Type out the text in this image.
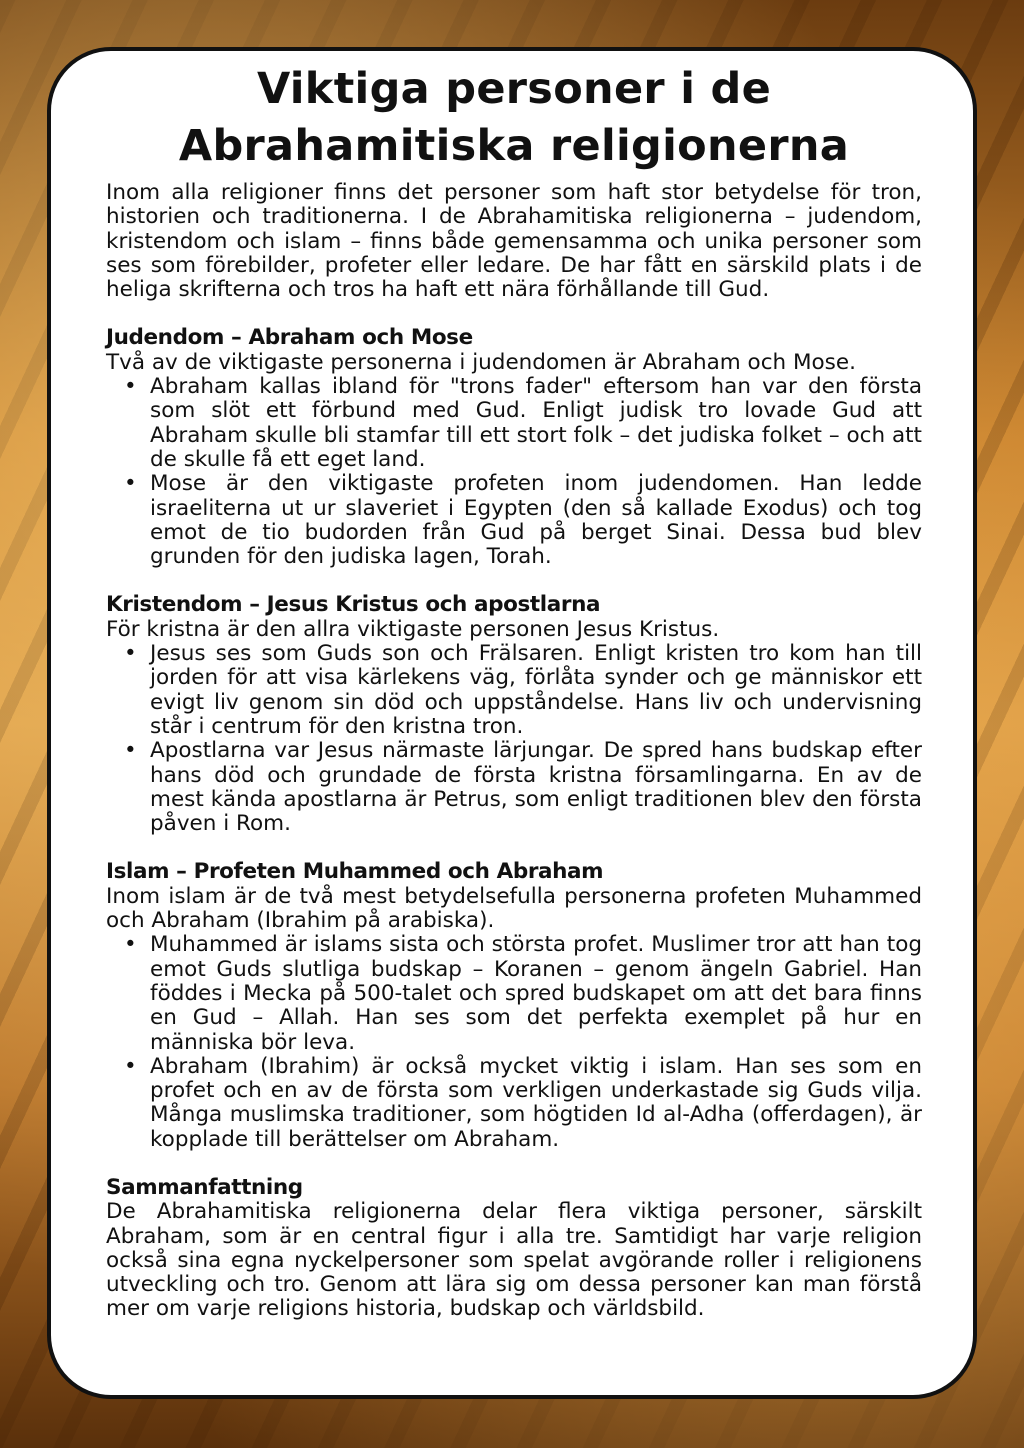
Viktiga personer i de
Abrahamitiska religionerna

Inom alla religioner finns det personer som haft stor betydelse för tron, historien och traditionerna. I de Abrahamitiska religionerna – judendom, kristendom och islam – finns både gemensamma och unika personer som ses som förebilder, profeter eller ledare. De har fått en särskild plats i de heliga skrifterna och tros ha haft ett nära förhållande till Gud.

Judendom – Abraham och Mose

Två av de viktigaste personerna i judendomen är Abraham och Mose.

• Abraham kallas ibland för "trons fader" eftersom han var den första som slöt ett förbund med Gud. Enligt judisk tro lovade Gud att Abraham skulle bli stamfar till ett stort folk – det judiska folket – och att de skulle få ett eget land.
• Mose är den viktigaste profeten inom judendomen. Han ledde israeliterna ut ur slaveriet i Egypten (den så kallade Exodus) och tog emot de tio budorden från Gud på berget Sinai. Dessa bud blev grunden för den judiska lagen, Torah.
Kristendom – Jesus Kristus och apostlarna

För kristna är den allra viktigaste personen Jesus Kristus.

• Jesus ses som Guds son och Frälsaren. Enligt kristen tro kom han till jorden för att visa kärlekens väg, förlåta synder och ge människor ett evigt liv genom sin död och uppståndelse. Hans liv och undervisning står i centrum för den kristna tron.
• Apostlarna var Jesus närmaste lärjungar. De spred hans budskap efter hans död och grundade de första kristna församlingarna. En av de mest kända apostlarna är Petrus, som enligt traditionen blev den första påven i Rom.
Islam – Profeten Muhammed och Abraham

Inom islam är de två mest betydelsefulla personerna profeten Muhammed och Abraham (Ibrahim på arabiska).

• Muhammed är islams sista och största profet. Muslimer tror att han tog emot Guds slutliga budskap – Koranen – genom ängeln Gabriel. Han föddes i Mecka på 500-talet och spred budskapet om att det bara finns en Gud – Allah. Han ses som det perfekta exemplet på hur en människa bör leva.
• Abraham (Ibrahim) är också mycket viktig i islam. Han ses som en profet och en av de första som verkligen underkastade sig Guds vilja. Många muslimska traditioner, som högtiden Id al-Adha (offerdagen), är kopplade till berättelser om Abraham.
Sammanfattning

De Abrahamitiska religionerna delar flera viktiga personer, särskilt Abraham, som är en central figur i alla tre. Samtidigt har varje religion också sina egna nyckelpersoner som spelat avgörande roller i religionens utveckling och tro. Genom att lära sig om dessa personer kan man förstå mer om varje religions historia, budskap och världsbild.
